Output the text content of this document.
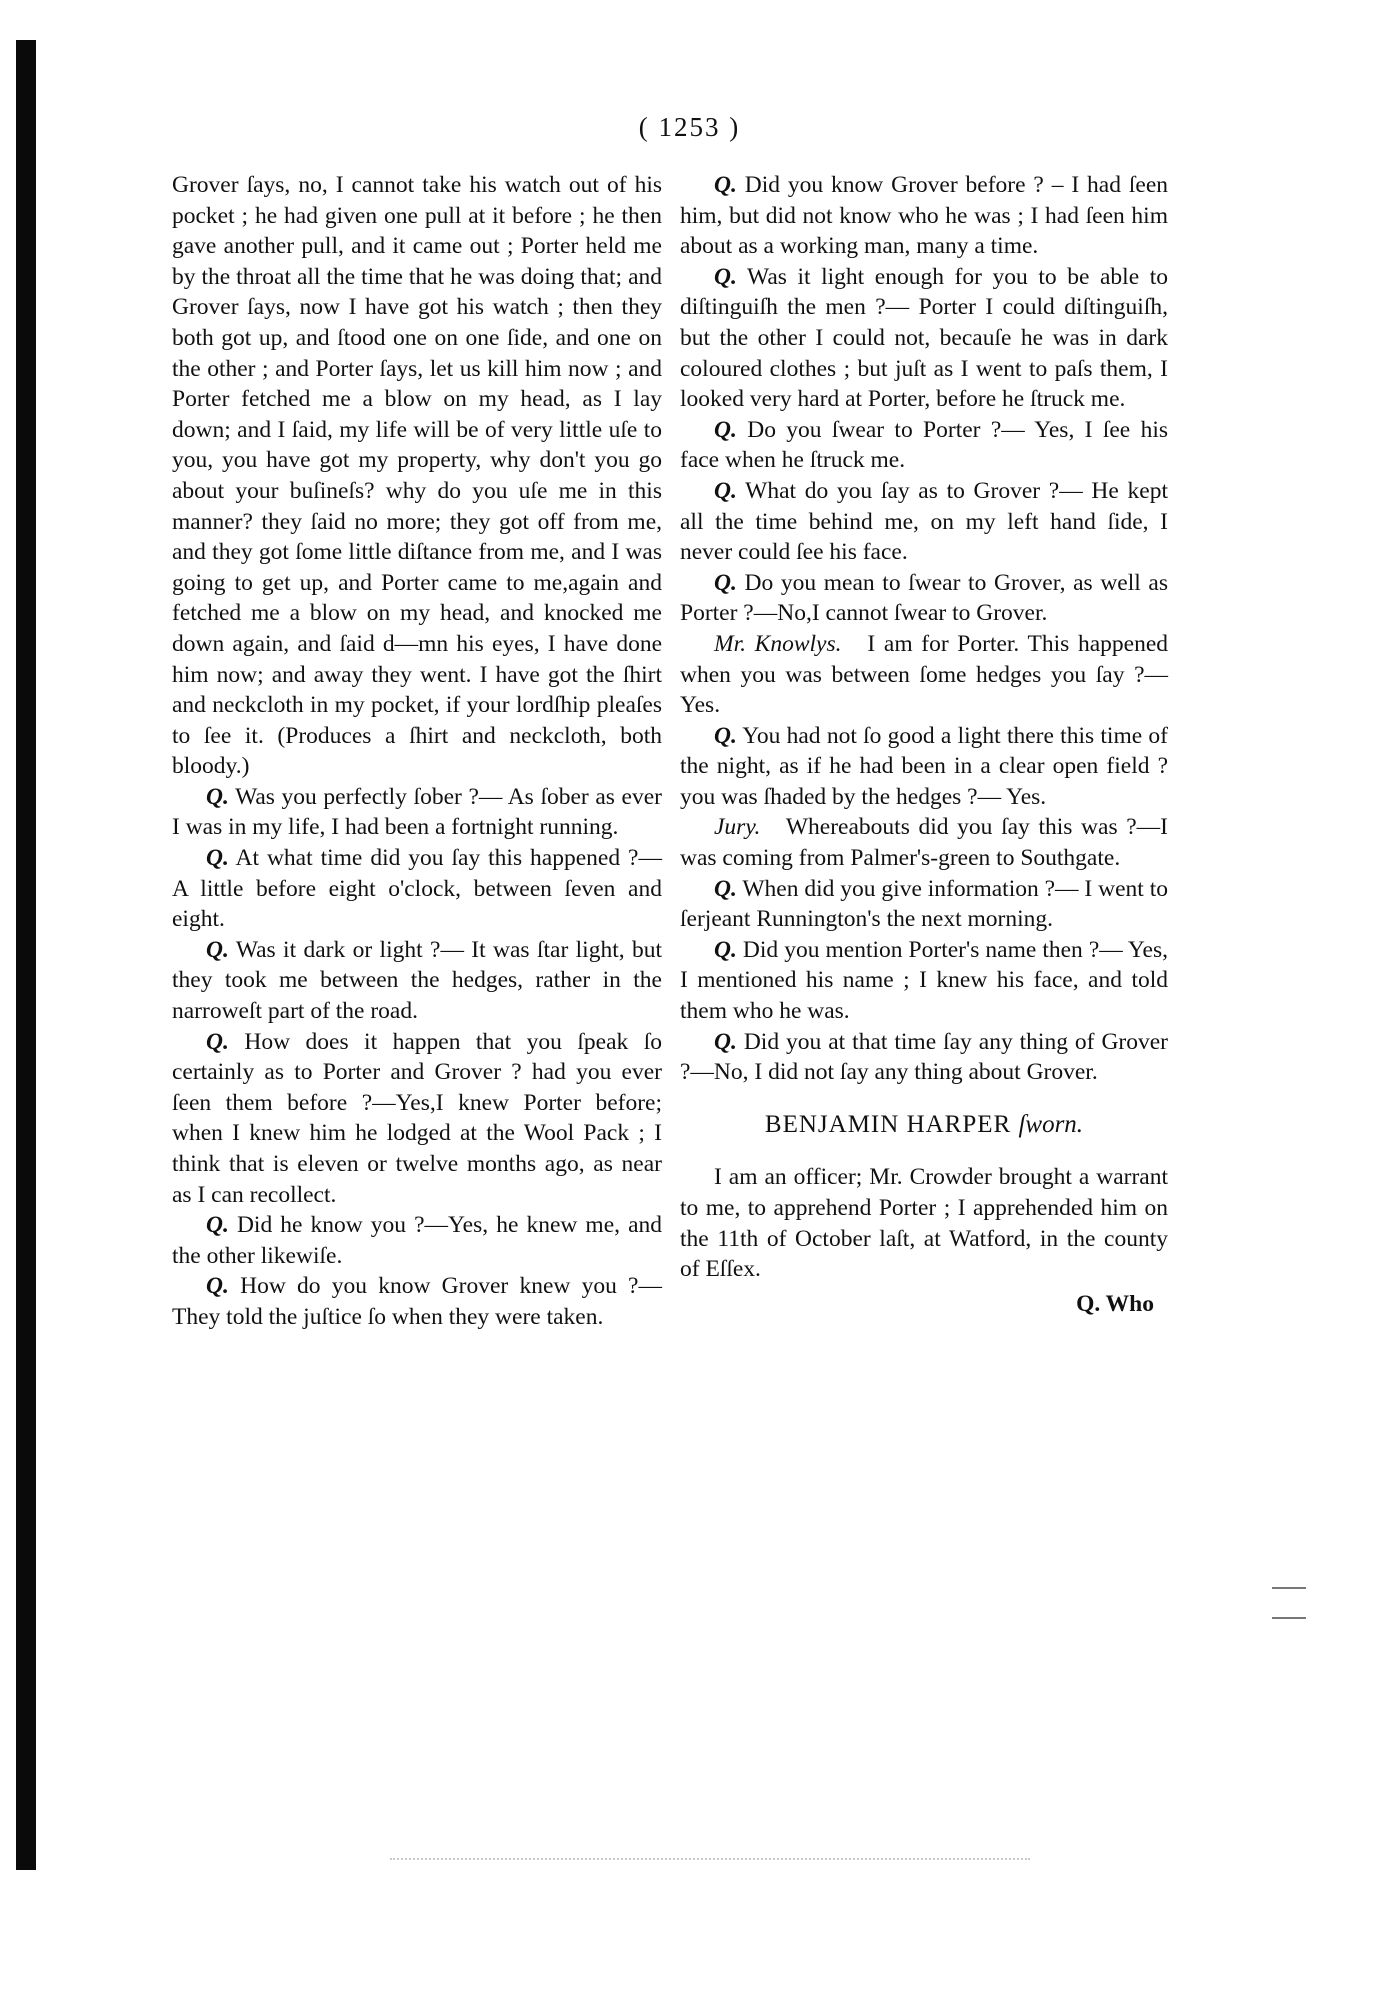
( 1253 )

Grover ſays, no, I cannot take his watch out of his pocket ; he had given one pull at it before ; he then gave another pull, and it came out ; Porter held me by the throat all the time that he was doing that; and Grover ſays, now I have got his watch ; then they both got up, and ſtood one on one ſide, and one on the other ; and Porter ſays, let us kill him now ; and Porter fetched me a blow on my head, as I lay down; and I ſaid, my life will be of very little uſe to you, you have got my property, why don't you go about your buſineſs? why do you uſe me in this manner? they ſaid no more; they got off from me, and they got ſome little diſtance from me, and I was going to get up, and Porter came to me,again and fetched me a blow on my head, and knocked me down again, and ſaid d—mn his eyes, I have done him now; and away they went. I have got the ſhirt and neckcloth in my pocket, if your lordſhip pleaſes to ſee it. (Produces a ſhirt and neckcloth, both bloody.)

Q. Was you perfectly ſober ?— As ſober as ever I was in my life, I had been a fortnight running.

Q. At what time did you ſay this happened ?— A little before eight o'clock, between ſeven and eight.

Q. Was it dark or light ?— It was ſtar light, but they took me between the hedges, rather in the narroweſt part of the road.

Q. How does it happen that you ſpeak ſo certainly as to Porter and Grover ? had you ever ſeen them before ?—Yes,I knew Porter before; when I knew him he lodged at the Wool Pack ; I think that is eleven or twelve months ago, as near as I can recollect.

Q. Did he know you ?—Yes, he knew me, and the other likewiſe.

Q. How do you know Grover knew you ?— They told the juſtice ſo when they were taken.

Q. Did you know Grover before ? – I had ſeen him, but did not know who he was ; I had ſeen him about as a working man, many a time.

Q. Was it light enough for you to be able to diſtinguiſh the men ?— Porter I could diſtinguiſh, but the other I could not, becauſe he was in dark coloured clothes ; but juſt as I went to paſs them, I looked very hard at Porter, before he ſtruck me.

Q. Do you ſwear to Porter ?— Yes, I ſee his face when he ſtruck me.

Q. What do you ſay as to Grover ?— He kept all the time behind me, on my left hand ſide, I never could ſee his face.

Q. Do you mean to ſwear to Grover, as well as Porter ?—No,I cannot ſwear to Grover.

Mr. Knowlys. I am for Porter. This happened when you was between ſome hedges you ſay ?—Yes.

Q. You had not ſo good a light there this time of the night, as if he had been in a clear open field ? you was ſhaded by the hedges ?— Yes.

Jury. Whereabouts did you ſay this was ?—I was coming from Palmer's-green to Southgate.

Q. When did you give information ?— I went to ſerjeant Runnington's the next morning.

Q. Did you mention Porter's name then ?— Yes, I mentioned his name ; I knew his face, and told them who he was.

Q. Did you at that time ſay any thing of Grover ?—No, I did not ſay any thing about Grover.

BENJAMIN HARPER ſworn.

I am an officer; Mr. Crowder brought a warrant to me, to apprehend Porter ; I apprehended him on the 11th of October laſt, at Watford, in the county of Eſſex.

Q. Who
